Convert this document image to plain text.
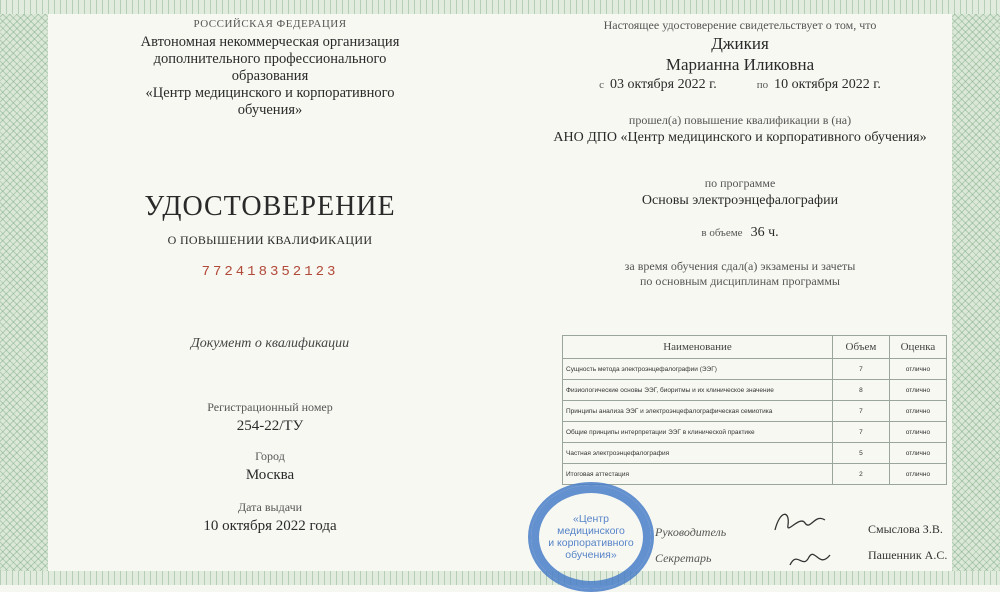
РОССИЙСКАЯ ФЕДЕРАЦИЯ
Автономная некоммерческая организация
дополнительного профессионального
образования
«Центр медицинского и корпоративного
обучения»
УДОСТОВЕРЕНИЕ
О ПОВЫШЕНИИ КВАЛИФИКАЦИИ
772418352123
Документ о квалификации
Регистрационный номер
254-22/ТУ
Город
Москва
Дата выдачи
10 октября 2022 года
Настоящее удостоверение свидетельствует о том, что
Джикия
Марианна Иликовна
с 03 октября 2022 г.	по 10 октября 2022 г.
прошел(а) повышение квалификации в (на)
АНО ДПО «Центр медицинского и корпоративного обучения»
по программе
Основы электроэнцефалографии
в объеме 36 ч.
за время обучения сдал(а) экзамены и зачеты
по основным дисциплинам программы
Наименование	Объем	Оценка
Сущность метода электроэнцефалографии (ЭЭГ)	7	отлично
Физиологические основы ЭЭГ, биоритмы и их клиническое значение	8	отлично
Принципы анализа ЭЭГ и электроэнцефалографическая семиотика	7	отлично
Общие принципы интерпретации ЭЭГ в клинической практике	7	отлично
Частная электроэнцефалография	5	отлично
Итоговая аттестация	2	отлично
«Центр
медицинского
и корпоративного
обучения»
Руководитель
Секретарь
Смыслова З.В.
Пашенник А.С.
